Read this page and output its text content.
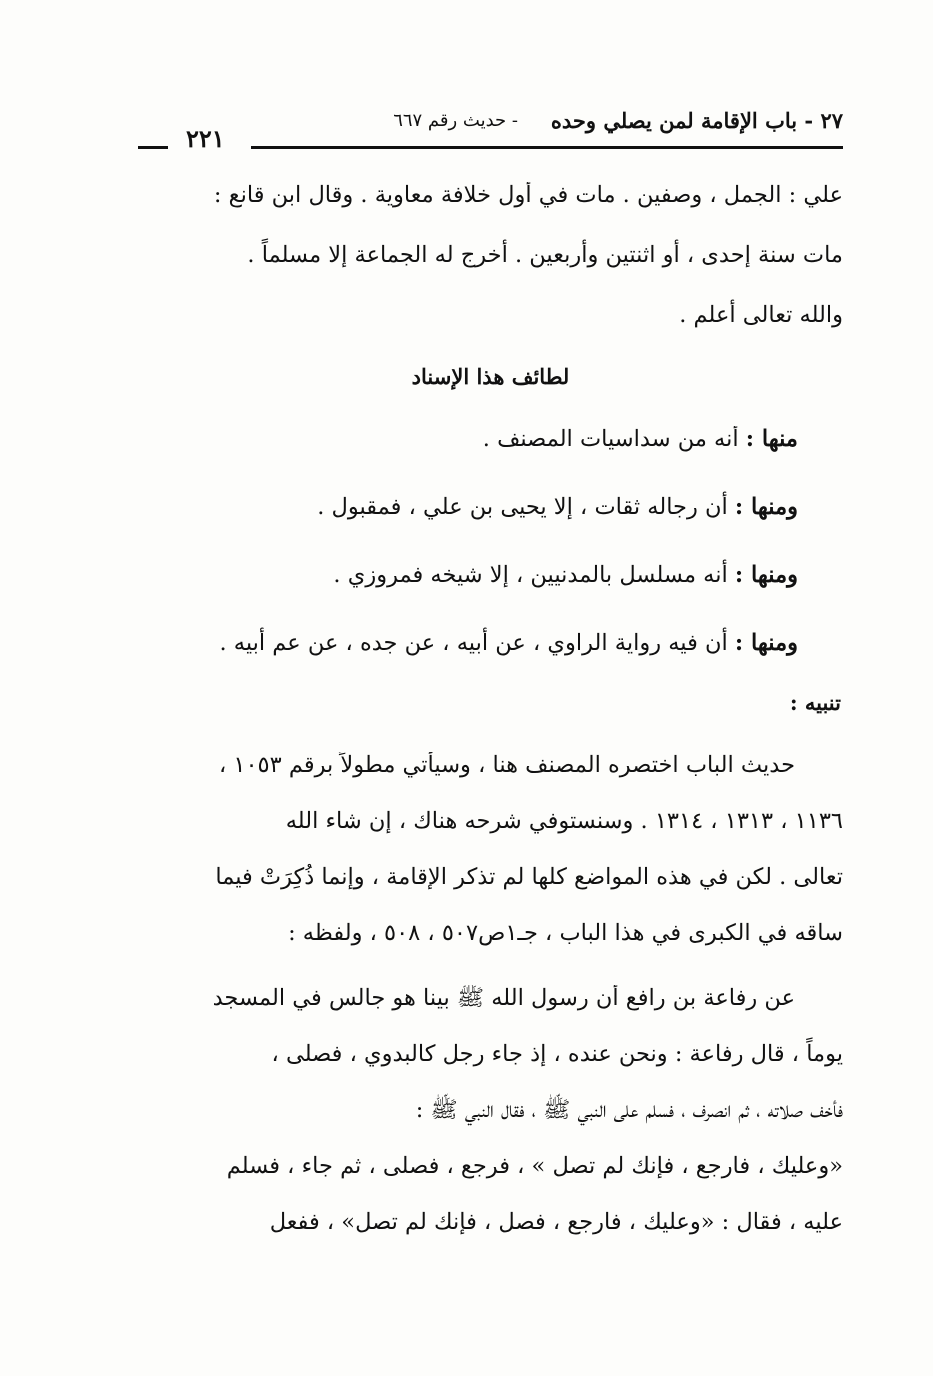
٢٧ - باب الإقامة لمن يصلي وحده
- حديث رقم ٦٦٧
٢٢١
علي : الجمل ، وصفين . مات في أول خلافة معاوية . وقال ابن قانع :
مات سنة إحدى ، أو اثنتين وأربعين . أخرج له الجماعة إلا مسلماً .
والله تعالى أعلم .
لطائف هذا الإسناد
منها : أنه من سداسيات المصنف .
ومنها : أن رجاله ثقات ، إلا يحيى بن علي ، فمقبول .
ومنها : أنه مسلسل بالمدنيين ، إلا شيخه فمروزي .
ومنها : أن فيه رواية الراوي ، عن أبيه ، عن جده ، عن عم أبيه .
تنبيه :
حديث الباب اختصره المصنف هنا ، وسيأتي مطولاً برقم ١٠٥٣ ،
١١٣٦ ، ١٣١٣ ، ١٣١٤ . وسنستوفي شرحه هناك ، إن شاء الله
تعالى . لكن في هذه المواضع كلها لم تذكر الإقامة ، وإنما ذُكِرَتْ فيما
ساقه في الكبرى في هذا الباب ، جـ١ص٥٠٧ ، ٥٠٨ ، ولفظه :
عن رفاعة بن رافع أن رسول الله ﷺ بينا هو جالس في المسجد
يوماً ، قال رفاعة : ونحن عنده ، إذ جاء رجل كالبدوي ، فصلى ،
فأخف صلاته ، ثم انصرف ، فسلم على النبي ﷺ ، فقال النبي ﷺ :
«وعليك ، فارجع ، فإنك لم تصل » ، فرجع ، فصلى ، ثم جاء ، فسلم
عليه ، فقال : «وعليك ، فارجع ، فصل ، فإنك لم تصل» ، ففعل
